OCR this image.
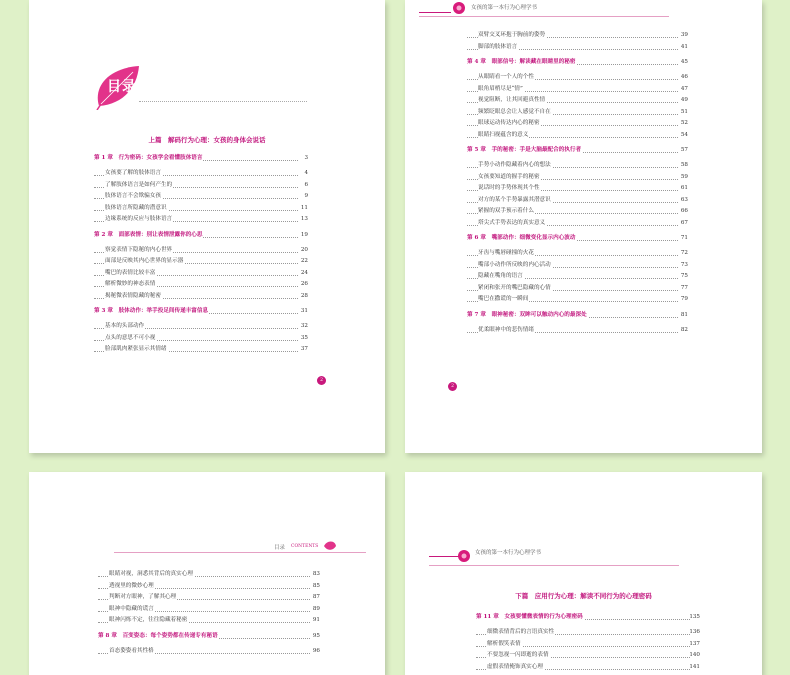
目录
上篇　解码行为心理：女孩的身体会说话
第 1 章　行为密码：女孩学会看懂肢体语言	3
女孩要了解的肢体语言	4
了解肢体语言是如何产生的	6
肢体语言不会欺骗女孩	9
肢体语言所隐藏的潜意识	11
边缘系统的反应与肢体语言	13
第 2 章　面部表情：别让表情泄露你的心思	19
察觉表情下隐秘的内心世界	20
面部是反映其内心世界的显示器	22
嘴巴的表情比较丰富	24
解析微妙的神态表情	26
揭秘微表情隐藏的秘密	28
第 3 章　肢体动作：举手投足间传递丰富信息	31
基本的头部动作	32
点头的意思不可小视	35
脸部肌肉紧张显示其情绪	37
2
女孩的第一本行为心理学书
双臂交叉环抱于胸前的姿势	39
脚部的肢体语言	41
第 4 章　眼部信号：解读藏在眼睛里的秘密	45
从眼睛看一个人的个性	46
眼角眉梢尽是“情”	47
视觉阻断，让其回避真性情	49
频繁眨眼总会让人感觉不自在	51
眼球运动传达内心的秘密	52
眼睛扫视蕴含的意义	54
第 5 章　手的秘密：手是大脑最配合的执行者	57
手势小动作隐藏着内心的想法	58
女孩要知道的握手的秘密	59
说话时的手势体现其个性	61
对方的某个手势暴露其潜意识	63
紧握的双手预示着什么	66
塔尖式手势表达的真实意义	67
第 6 章　嘴部动作：细微变化显示内心波动	71
牙齿与嘴唇碰撞的火花	72
嘴部小动作所反映的内心活动	73
隐藏在嘴角的语言	75
紧闭和张开的嘴巴隐藏的心情	77
嘴巴在撒谎的一瞬间	79
第 7 章　眼神秘密：双眸可以触动内心的最深处	81
优柔眼神中的悲伤情绪	82
2
目录 CONTENTS
眼睛对视，洞悉其背后的真实心理	83
透视里的微妙心理	85
判断对方眼神，了解其心理	87
眼神中隐藏的谎言	89
眼神闪烁不定，往往隐藏着秘密	91
第 8 章　百变姿态：每个姿势都在传递专有秘语	95
首态姿姿看其性格	96
女孩的第一本行为心理学书
下篇　应用行为心理：解读不同行为的心理密码
第 11 章　女孩要懂微表情的行为心理密码	135
细微表情背后的言语真实性	136
解析假笑表情	137
不要忽视一闪即逝的表情	140
虚假表情掩饰真实心理	141
